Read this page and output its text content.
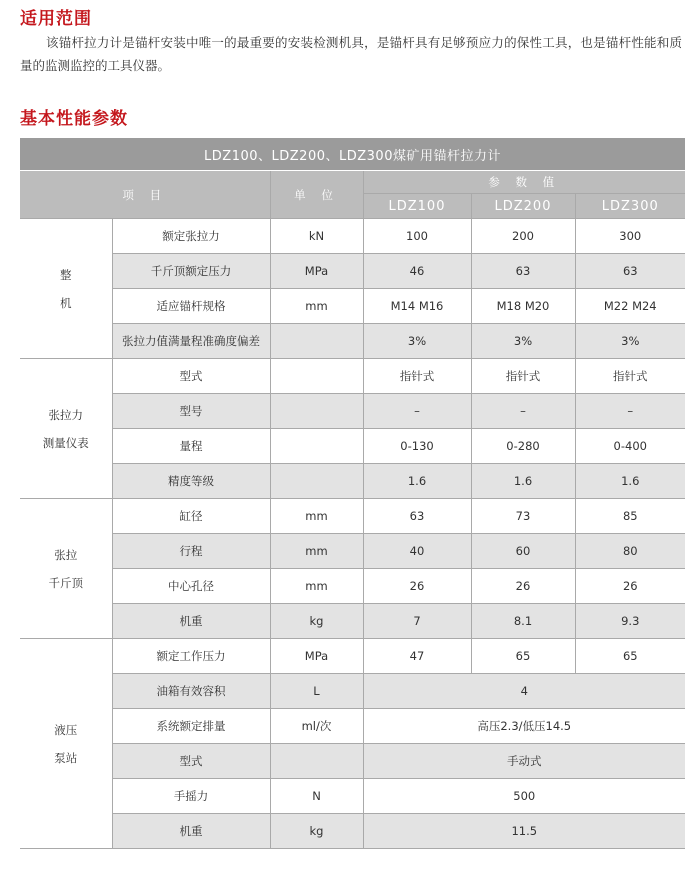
适用范围
该锚杆拉力计是锚杆安装中唯一的最重要的安装检测机具，是锚杆具有足够预应力的保性工具，也是锚杆性能和质量的监测监控的工具仪器。
基本性能参数
LDZ100、LDZ200、LDZ300煤矿用锚杆拉力计					
项 目		单 位	参 数 值		
			LDZ100	LDZ200	LDZ300

整
机	额定张拉力	kN	100	200	300
	千斤顶额定压力	MPa	46	63	63
	适应锚杆规格	mm	M14 M16	M18 M20	M22 M24
	张拉力值满量程准确度偏差		3%	3%	3%

张拉力
测量仪表	型式		指针式	指针式	指针式
	型号		–	–	–
	量程		0-130	0-280	0-400
	精度等级		1.6	1.6	1.6

张拉
千斤顶	缸径	mm	63	73	85
	行程	mm	40	60	80
	中心孔径	mm	26	26	26
	机重	kg	7	8.1	9.3

液压
泵站	额定工作压力	MPa	47	65	65
	油箱有效容积	L	4		
	系统额定排量	ml/次	高压2.3/低压14.5		
	型式		手动式		
	手摇力	N	500		
	机重	kg	11.5		
